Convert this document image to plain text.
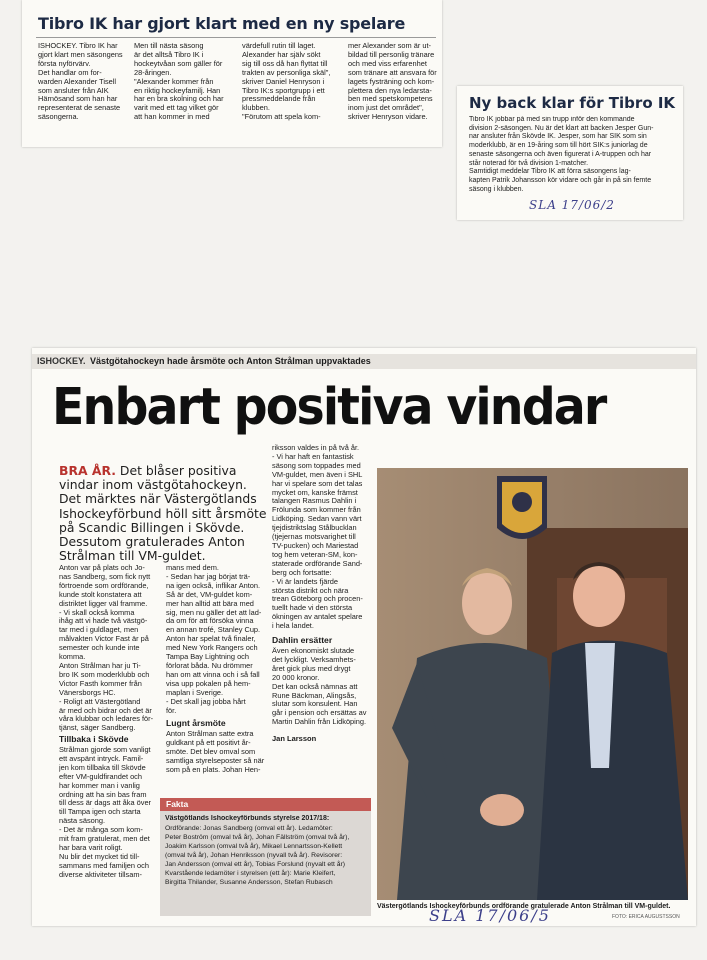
Tibro IK har gjort klart med en ny spelare
ISHOCKEY. Tibro IK har
gjort klart men säsongens
första nyförvärv.
Det handlar om for-
warden Alexander Tisell
som ansluter från AIK
Härnösand som han har
representerat de senaste
säsongerna.
Men till nästa säsong
är det alltså Tibro IK i
hockeytvåan som gäller för
28-åringen.
"Alexander kommer från
en riktig hockeyfamilj. Han
har en bra skolning och har
varit med ett tag vilket gör
att han kommer in med
värdefull rutin till laget.
Alexander har själv sökt
sig till oss då han flyttat till
trakten av personliga skäl",
skriver Daniel Henryson i
Tibro IK:s sportgrupp i ett
pressmeddelande från
klubben.
"Förutom att spela kom-
mer Alexander som är ut-
bildad till personlig tränare
och med viss erfarenhet
som tränare att ansvara för
lagets fysträning och kom-
plettera den nya ledarsta-
ben med spetskompetens
inom just det området",
skriver Henryson vidare.
Ny back klar för Tibro IK
Tibro IK jobbar på med sin trupp inför den kommande
division 2-säsongen. Nu är det klart att backen Jesper Gun-
nar ansluter från Skövde IK. Jesper, som har SIK som sin
moderklubb, är en 19-åring som till hört SIK:s juniorlag de
senaste säsongerna och även figurerat i A-truppen och har
står noterad för två division 1-matcher.
Samtidigt meddelar Tibro IK att förra säsongens lag-
kapten Patrik Johansson kör vidare och går in på sin femte
säsong i klubben.
SLA 17/06/2
ISHOCKEY. Västgötahockeyn hade årsmöte och Anton Strålman uppvaktades
Enbart positiva vindar
BRA ÅR. Det blåser positiva vindar inom västgötahockeyn. Det märktes när Västergötlands Ishockeyförbund höll sitt årsmöte på Scandic Billingen i Skövde. Dessutom gratulerades Anton Strålman till VM-guldet.
Anton var på plats och Jo-
nas Sandberg, som fick nytt
förtroende som ordförande,
kunde stolt konstatera att
distriktet ligger väl framme.
- Vi skall också komma
ihåg att vi hade två västgö-
tar med i guldlaget, men
målvakten Victor Fast är på
semester och kunde inte
komma.
Anton Strålman har ju Ti-
bro IK som moderklubb och
Victor Fasth kommer från
Vänersborgs HC.
- Roligt att Västergötland
är med och bidrar och det är
våra klubbar och ledares för-
tjänst, säger Sandberg.
Tillbaka i Skövde
Strålman gjorde som vanligt
ett avspänt intryck. Famil-
jen kom tillbaka till Skövde
efter VM-guldfirandet och
har kommer man i vanlig
ordning att ha sin bas fram
till dess är dags att åka över
till Tampa igen och starta
nästa säsong.
- Det är många som kom-
mit fram gratulerat, men det
har bara varit roligt.
Nu blir det mycket tid till-
sammans med familjen och
diverse aktiviteter tillsam-
mans med dem.
- Sedan har jag börjat trä-
na igen också, inflikar Anton.
Så är det, VM-guldet kom-
mer han alltid att bära med
sig, men nu gäller det att lad-
da om för att försöka vinna
en annan trofé, Stanley Cup.
Anton har spelat två finaler,
med New York Rangers och
Tampa Bay Lightning och
förlorat båda. Nu drömmer
han om att vinna och i så fall
visa upp pokalen på hem-
maplan i Sverige.
- Det skall jag jobba hårt
för.
Lugnt årsmöte
Anton Strålman satte extra
guldkant på ett positivt år-
smöte. Det blev omval som
samtliga styrelseposter så när
som på en plats. Johan Hen-
riksson valdes in på två år.
- Vi har haft en fantastisk
säsong som toppades med
VM-guldet, men även i SHL
har vi spelare som det talas
mycket om, kanske främst
talangen Rasmus Dahlin i
Frölunda som kommer från
Lidköping. Sedan vann värt
tjejdistriktslag Stålbucklan
(tjejernas motsvarighet till
TV-pucken) och Mariestad
tog hem veteran-SM, kon-
staterade ordförande Sand-
berg och fortsatte:
- Vi är landets fjärde
största distrikt och nära
trean Göteborg och procen-
tuellt hade vi den största
ökningen av antalet spelare
i hela landet.
Dahlin ersätter
Även ekonomiskt slutade
det lyckligt. Verksamhets-
året gick plus med drygt
20 000 kronor.
Det kan också nämnas att
Rune Bäckman, Alingsås,
slutar som konsulent. Han
går i pension och ersättas av
Martin Dahlin från Lidköping.
Jan Larsson
Fakta
Västgötlands Ishockeyförbunds styrelse 2017/18:
Ordförande: Jonas Sandberg (omval ett år). Ledamöter:
Peter Boström (omval två år), Johan Fällström (omval två år),
Joakim Karlsson (omval två år), Mikael Lennartsson-Kellett
(omval två år), Johan Henriksson (nyvall två år). Revisorer:
Jan Andersson (omval ett år), Tobias Forslund (nyvalt ett år)
Kvarstående ledamöter i styrelsen (ett år): Marie Kleifert,
Birgitta Thilander, Susanne Andersson, Stefan Rubasch
Västergötlands Ishockeyförbunds ordförande gratulerade Anton Strålman till VM-guldet.
FOTO: ERICA AUGUSTSSON
SLA 17/06/5
